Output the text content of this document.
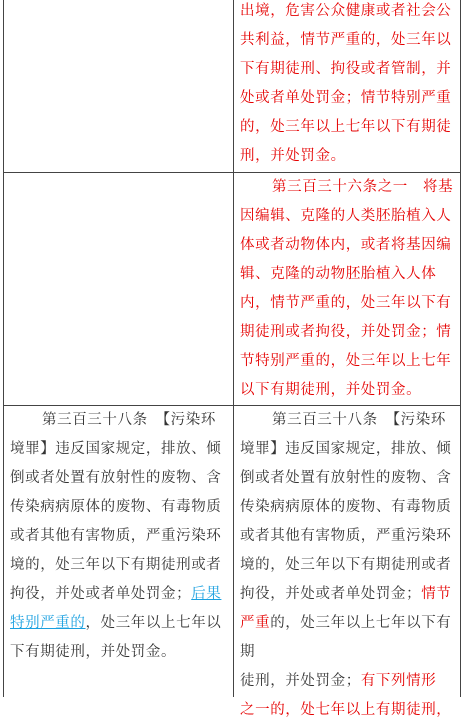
出境，危害公众健康或者社会公
共利益，情节严重的，处三年以
下有期徒刑、拘役或者管制，并
处或者单处罚金；情节特别严重
的，处三年以上七年以下有期徒
刑，并处罚金。
第三百三十六条之一　将基
因编辑、克隆的人类胚胎植入人
体或者动物体内，或者将基因编
辑、克隆的动物胚胎植入人体
内，情节严重的，处三年以下有
期徒刑或者拘役，并处罚金；情
节特别严重的，处三年以上七年
以下有期徒刑，并处罚金。
第三百三十八条　【污染环
境罪】违反国家规定，排放、倾
倒或者处置有放射性的废物、含
传染病病原体的废物、有毒物质
或者其他有害物质，严重污染环
境的，处三年以下有期徒刑或者
拘役，并处或者单处罚金；后果
特别严重的，处三年以上七年以
下有期徒刑，并处罚金。
第三百三十八条　【污染环
境罪】违反国家规定，排放、倾
倒或者处置有放射性的废物、含
传染病病原体的废物、有毒物质
或者其他有害物质，严重污染环
境的，处三年以下有期徒刑或者
拘役，并处或者单处罚金；情节
严重的，处三年以上七年以下有期
徒刑，并处罚金；有下列情形
之一的，处七年以上有期徒刑，
